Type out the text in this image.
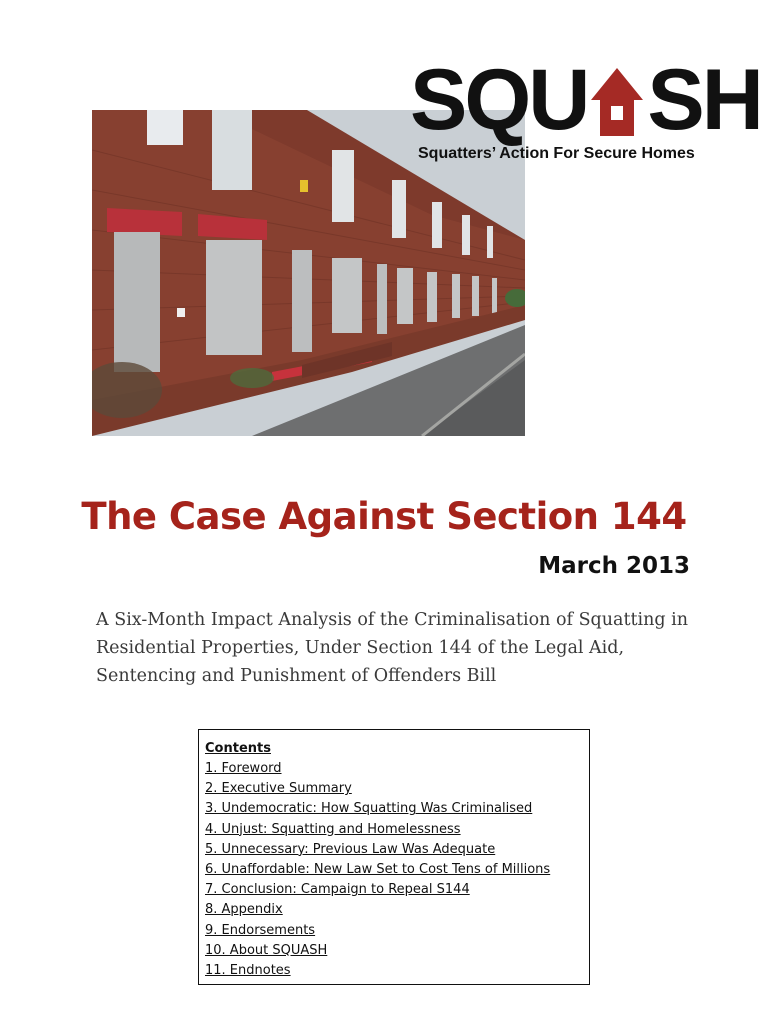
SQU SH
Squatters’ Action For Secure Homes
The Case Against Section 144
March 2013
A Six-Month Impact Analysis of the Criminalisation of Squatting in Residential Properties, Under Section 144 of the Legal Aid, Sentencing and Punishment of Offenders Bill
Contents
1. Foreword
2. Executive Summary
3. Undemocratic: How Squatting Was Criminalised
4. Unjust: Squatting and Homelessness
5. Unnecessary: Previous Law Was Adequate
6. Unaffordable: New Law Set to Cost Tens of Millions
7. Conclusion: Campaign to Repeal S144
8. Appendix
9. Endorsements
10. About SQUASH
11. Endnotes
